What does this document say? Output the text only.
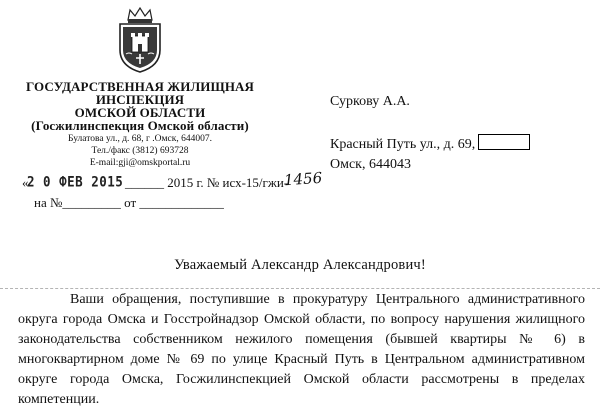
ГОСУДАРСТВЕННАЯ ЖИЛИЩНАЯ
ИНСПЕКЦИЯ
ОМСКОЙ ОБЛАСТИ
(Госжилинспекция Омской области)
Булатова ул., д. 68, г .Омск, 644007.
Тел./факс (3812) 693728
E-mail:gji@omskportal.ru
«	______ 2015 г. № исх-15/гжи-
2 0 ФЕВ 2015	1456
на №_________ от _____________
Суркову А.А.
Красный Путь ул., д. 69,
Омск, 644043
Уважаемый Александр Александрович!
Ваши обращения, поступившие в прокуратуру Центрального административного округа города Омска и Госстройнадзор Омской области, по вопросу нарушения жилищного законодательства собственником нежилого помещения (бывшей квартиры № 6) в многоквартирном доме № 69 по улице Красный Путь в Центральном административном округе города Омска, Госжилинспекцией Омской области рассмотрены в пределах компетенции.
